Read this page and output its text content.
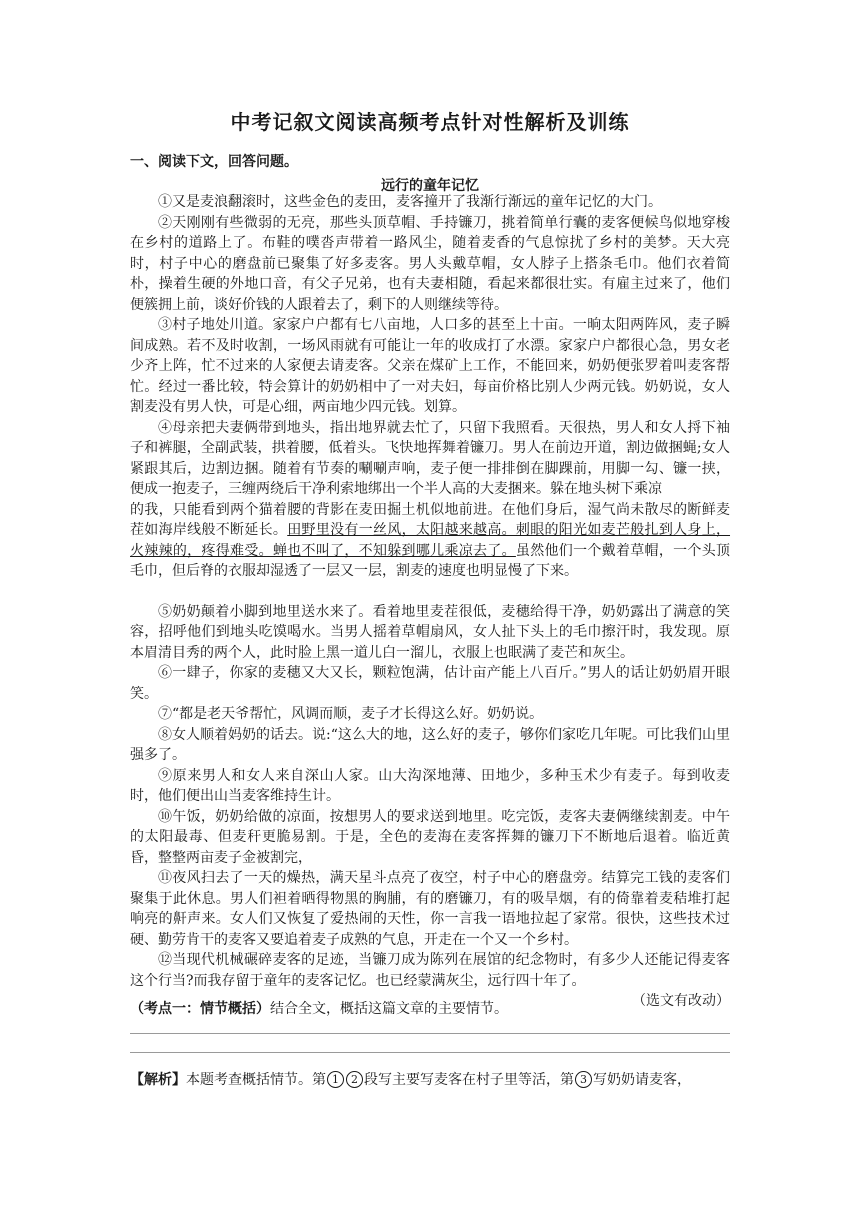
中考记叙文阅读高频考点针对性解析及训练
一、阅读下文，回答问题。
远行的童年记忆

①又是麦浪翻滚时，这些金色的麦田，麦客撞开了我渐行渐远的童年记忆的大门。

②天刚刚有些微弱的无亮，那些头顶草帽、手持镰刀，挑着简单行囊的麦客便候鸟似地穿梭在乡村的道路上了。布鞋的噗沓声带着一路风尘，随着麦香的气息惊扰了乡村的美梦。天大亮时，村子中心的磨盘前已聚集了好多麦客。男人头戴草帽，女人脖子上搭条毛巾。他们衣着简朴，操着生硬的外地口音，有父子兄弟，也有夫妻相随，看起来都很壮实。有雇主过来了，他们便簇拥上前，谈好价钱的人跟着去了，剩下的人则继续等待。

③村子地处川道。家家户户都有七八亩地，人口多的甚至上十亩。一晌太阳两阵风，麦子瞬间成熟。若不及时收割，一场风雨就有可能让一年的收成打了水漂。家家户户都很心急，男女老少齐上阵，忙不过来的人家便去请麦客。父亲在煤矿上工作，不能回来，奶奶便张罗着叫麦客帮忙。经过一番比较，特会算计的奶奶相中了一对夫妇，每亩价格比别人少两元钱。奶奶说，女人割麦没有男人快，可是心细，两亩地少四元钱。划算。

④母亲把夫妻俩带到地头，指出地界就去忙了，只留下我照看。天很热，男人和女人捋下袖子和裤腿，全副武装，拱着腰，低着头。飞快地挥舞着镰刀。男人在前边开道，割边做捆蝇;女人紧跟其后，边割边捆。随着有节奏的唰唰声响，麦子便一排排倒在脚踝前，用脚一勾、镰一挟，便成一抱麦子，三缠两绕后干净利索地绑出一个半人高的大麦捆来。躲在地头树下乘凉

的我，只能看到两个猫着腰的背影在麦田掘土机似地前进。在他们身后，湿气尚未散尽的断鲜麦茬如海岸线般不断延长。田野里没有一丝风，太阳越来越高。刺眼的阳光如麦芒般扎到人身上，火辣辣的，疼得难受。蝉也不叫了，不知躲到哪儿乘凉去了。虽然他们一个戴着草帽，一个头顶毛巾，但后脊的衣服却湿透了一层又一层，割麦的速度也明显慢了下来。

⑤奶奶颠着小脚到地里送水来了。看着地里麦茬很低，麦穗给得干净，奶奶露出了满意的笑容，招呼他们到地头吃馍喝水。当男人摇着草帽扇风，女人扯下头上的毛巾擦汗时，我发现。原本眉清目秀的两个人，此时脸上黑一道儿白一溜儿，衣服上也眠满了麦芒和灰尘。

⑥一肆子，你家的麦穗又大又长，颗粒饱满，估计亩产能上八百斤。”男人的话让奶奶眉开眼笑。

⑦“都是老天爷帮忙，风调而顺，麦子才长得这么好。奶奶说。

⑧女人顺着妈奶的话去。说:“这么大的地，这么好的麦子，够你们家吃几年呢。可比我们山里强多了。

⑨原来男人和女人来自深山人家。山大沟深地薄、田地少，多种玉术少有麦子。每到收麦时，他们便出山当麦客维持生计。

⑩午饭，奶奶给做的凉面，按想男人的要求送到地里。吃完饭，麦客夫妻俩继续割麦。中午的太阳最毒、但麦秆更脆易割。于是，全色的麦海在麦客挥舞的镰刀下不断地后退着。临近黄昏，整整两亩麦子金被割完，

⑪夜风扫去了一天的燥热，满天星斗点亮了夜空，村子中心的磨盘旁。结算完工钱的麦客们聚集于此休息。男人们袒着晒得物黑的胸脯，有的磨镰刀，有的吸旱烟，有的倚靠着麦秸堆打起响亮的鼾声来。女人们又恢复了爱热闹的天性，你一言我一语地拉起了家常。很快，这些技术过硬、勤劳肯干的麦客又要追着麦子成熟的气息，开走在一个又一个乡村。

⑫当现代机械碾碎麦客的足迹，当镰刀成为陈列在展馆的纪念物时，有多少人还能记得麦客这个行当?而我存留于童年的麦客记忆。也已经蒙满灰尘，远行四十年了。

（选文有改动）

（考点一：情节概括）结合全文，概括这篇文章的主要情节。
【解析】本题考查概括情节。第 1 2 段写主要写麦客在村子里等活，第 3 写奶奶请麦客，
